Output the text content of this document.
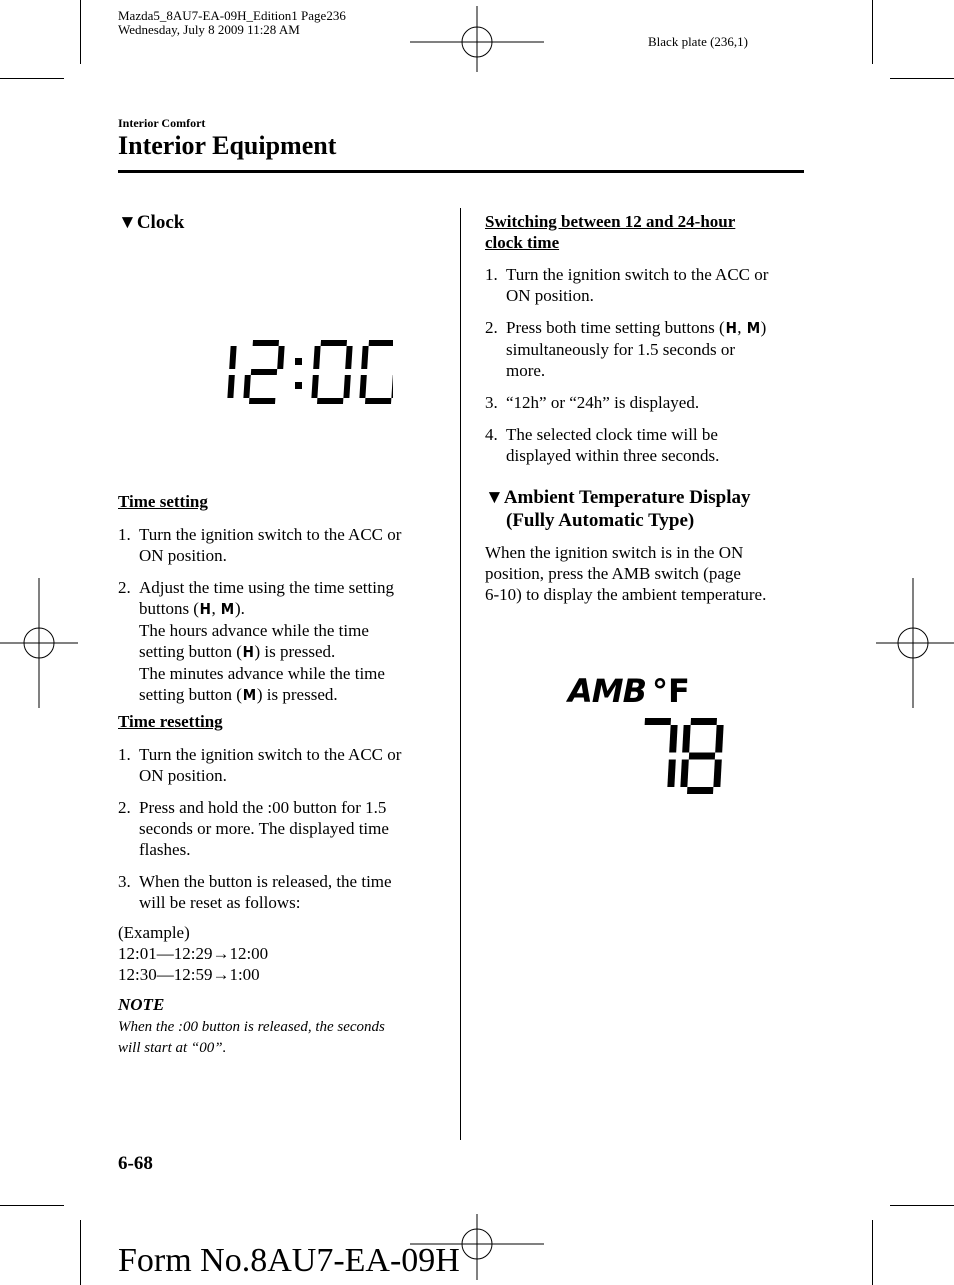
Mazda5_8AU7-EA-09H_Edition1 Page236
Wednesday, July 8 2009 11:28 AM
Black plate (236,1)
Interior Comfort
Interior Equipment
▼Clock
Time setting
1. Turn the ignition switch to the ACC or
ON position.
2. Adjust the time using the time setting
buttons (H, M).
The hours advance while the time
setting button (H) is pressed.
The minutes advance while the time
setting button (M) is pressed.
Time resetting
1. Turn the ignition switch to the ACC or
ON position.
2. Press and hold the :00 button for 1.5
seconds or more. The displayed time
flashes.
3. When the button is released, the time
will be reset as follows:
(Example)
12:01―12:29→12:00
12:30―12:59→1:00
NOTE
When the :00 button is released, the seconds
will start at “00”.
Switching between 12 and 24-hour
clock time
1. Turn the ignition switch to the ACC or
ON position.
2. Press both time setting buttons (H, M)
simultaneously for 1.5 seconds or
more.
3. “12h” or “24h” is displayed.
4. The selected clock time will be
displayed within three seconds.
▼Ambient Temperature Display
(Fully Automatic Type)
When the ignition switch is in the ON
position, press the AMB switch (page
6-10) to display the ambient temperature.
AMB °F
6-68
Form No.8AU7-EA-09H
